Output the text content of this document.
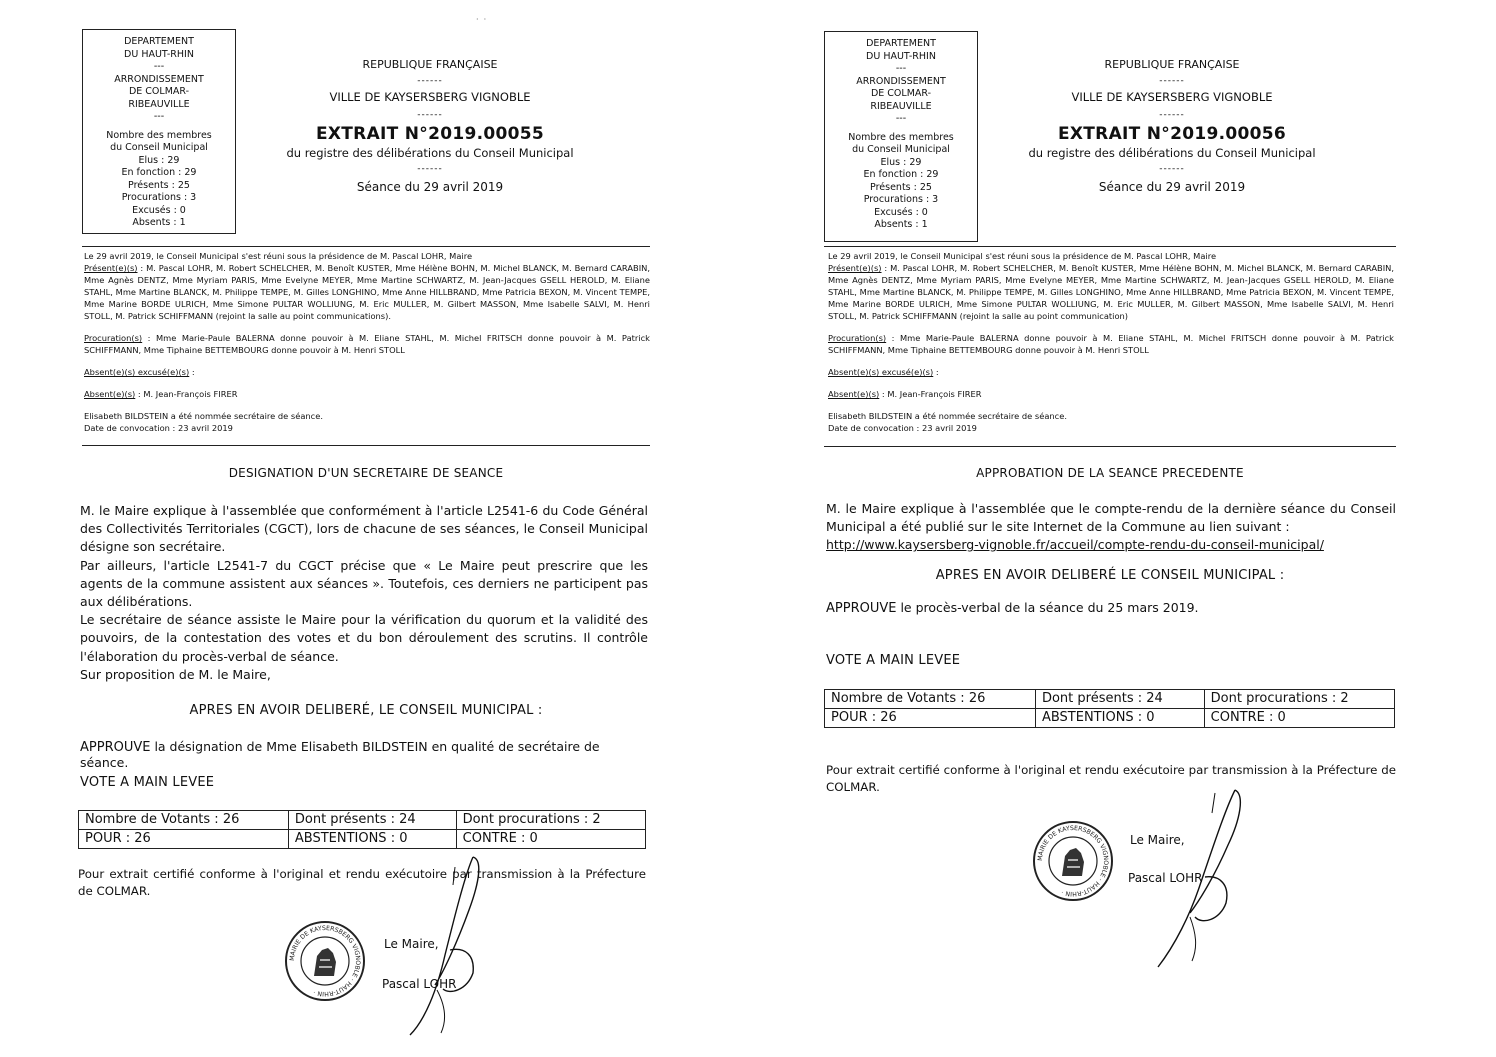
·  ·
DEPARTEMENT
DU HAUT-RHIN
---
ARRONDISSEMENT
DE COLMAR-
RIBEAUVILLE
---
Nombre des membres
du Conseil Municipal
Elus : 29
En fonction : 29
Présents : 25
Procurations : 3
Excusés : 0
Absents : 1
REPUBLIQUE FRANÇAISE
------
VILLE DE KAYSERSBERG VIGNOBLE
------
EXTRAIT N°2019.00055
du registre des délibérations du Conseil Municipal
------
Séance du 29 avril 2019

Le 29 avril 2019, le Conseil Municipal s'est réuni sous la présidence de M. Pascal LOHR, Maire

Présent(e)(s) : M. Pascal LOHR, M. Robert SCHELCHER, M. Benoît KUSTER, Mme Hélène BOHN, M. Michel BLANCK, M. Bernard CARABIN, Mme Agnès DENTZ, Mme Myriam PARIS, Mme Evelyne MEYER, Mme Martine SCHWARTZ, M. Jean-Jacques GSELL HEROLD, M. Eliane STAHL, Mme Martine BLANCK, M. Philippe TEMPE, M. Gilles LONGHINO, Mme Anne HILLBRAND, Mme Patricia BEXON, M. Vincent TEMPE, Mme Marine BORDE ULRICH, Mme Simone PULTAR WOLLIUNG, M. Eric MULLER, M. Gilbert MASSON, Mme Isabelle SALVI, M. Henri STOLL, M. Patrick SCHIFFMANN (rejoint la salle au point communications).

Procuration(s) : Mme Marie-Paule BALERNA donne pouvoir à M. Eliane STAHL, M. Michel FRITSCH donne pouvoir à M. Patrick SCHIFFMANN, Mme Tiphaine BETTEMBOURG donne pouvoir à M. Henri STOLL

Absent(e)(s) excusé(e)(s) :

Absent(e)(s) : M. Jean-François FIRER

Elisabeth BILDSTEIN a été nommée secrétaire de séance.

Date de convocation : 23 avril 2019

DESIGNATION D'UN SECRETAIRE DE SEANCE

M. le Maire explique à l'assemblée que conformément à l'article L2541-6 du Code Général des Collectivités Territoriales (CGCT), lors de chacune de ses séances, le Conseil Municipal désigne son secrétaire.

Par ailleurs, l'article L2541-7 du CGCT précise que « Le Maire peut prescrire que les agents de la commune assistent aux séances ». Toutefois, ces derniers ne participent pas aux délibérations.

Le secrétaire de séance assiste le Maire pour la vérification du quorum et la validité des pouvoirs, de la contestation des votes et du bon déroulement des scrutins. Il contrôle l'élaboration du procès-verbal de séance.

Sur proposition de M. le Maire,

APRES EN AVOIR DELIBERÉ, LE CONSEIL MUNICIPAL :
APPROUVE la désignation de Mme Elisabeth BILDSTEIN en qualité de secrétaire de séance.
VOTE A MAIN LEVEE
Nombre de Votants : 26	Dont présents : 24	Dont procurations : 2
POUR : 26	ABSTENTIONS : 0	CONTRE : 0
Pour extrait certifié conforme à l'original et rendu exécutoire par transmission à la Préfecture de COLMAR.
MAIRIE DE KAYSERSBERG VIGNOBLE · HAUT-RHIN ·
Le Maire,
Pascal LOHR
DEPARTEMENT
DU HAUT-RHIN
---
ARRONDISSEMENT
DE COLMAR-
RIBEAUVILLE
---
Nombre des membres
du Conseil Municipal
Elus : 29
En fonction : 29
Présents : 25
Procurations : 3
Excusés : 0
Absents : 1
REPUBLIQUE FRANÇAISE
------
VILLE DE KAYSERSBERG VIGNOBLE
------
EXTRAIT N°2019.00056
du registre des délibérations du Conseil Municipal
------
Séance du 29 avril 2019

Le 29 avril 2019, le Conseil Municipal s'est réuni sous la présidence de M. Pascal LOHR, Maire

Présent(e)(s) : M. Pascal LOHR, M. Robert SCHELCHER, M. Benoît KUSTER, Mme Hélène BOHN, M. Michel BLANCK, M. Bernard CARABIN, Mme Agnès DENTZ, Mme Myriam PARIS, Mme Evelyne MEYER, Mme Martine SCHWARTZ, M. Jean-Jacques GSELL HEROLD, M. Eliane STAHL, Mme Martine BLANCK, M. Philippe TEMPE, M. Gilles LONGHINO, Mme Anne HILLBRAND, Mme Patricia BEXON, M. Vincent TEMPE, Mme Marine BORDE ULRICH, Mme Simone PULTAR WOLLIUNG, M. Eric MULLER, M. Gilbert MASSON, Mme Isabelle SALVI, M. Henri STOLL, M. Patrick SCHIFFMANN (rejoint la salle au point communication)

Procuration(s) : Mme Marie-Paule BALERNA donne pouvoir à M. Eliane STAHL, M. Michel FRITSCH donne pouvoir à M. Patrick SCHIFFMANN, Mme Tiphaine BETTEMBOURG donne pouvoir à M. Henri STOLL

Absent(e)(s) excusé(e)(s) :

Absent(e)(s) : M. Jean-François FIRER

Elisabeth BILDSTEIN a été nommée secrétaire de séance.

Date de convocation : 23 avril 2019

APPROBATION DE LA SEANCE PRECEDENTE

M. le Maire explique à l'assemblée que le compte-rendu de la dernière séance du Conseil Municipal a été publié sur le site Internet de la Commune au lien suivant :

http://www.kaysersberg-vignoble.fr/accueil/compte-rendu-du-conseil-municipal/

APRES EN AVOIR DELIBERÉ LE CONSEIL MUNICIPAL :
APPROUVE le procès-verbal de la séance du 25 mars 2019.
VOTE A MAIN LEVEE
Nombre de Votants : 26	Dont présents : 24	Dont procurations : 2
POUR : 26	ABSTENTIONS : 0	CONTRE : 0
Pour extrait certifié conforme à l'original et rendu exécutoire par transmission à la Préfecture de COLMAR.
MAIRIE DE KAYSERSBERG VIGNOBLE · HAUT-RHIN ·
Le Maire,
Pascal LOHR
